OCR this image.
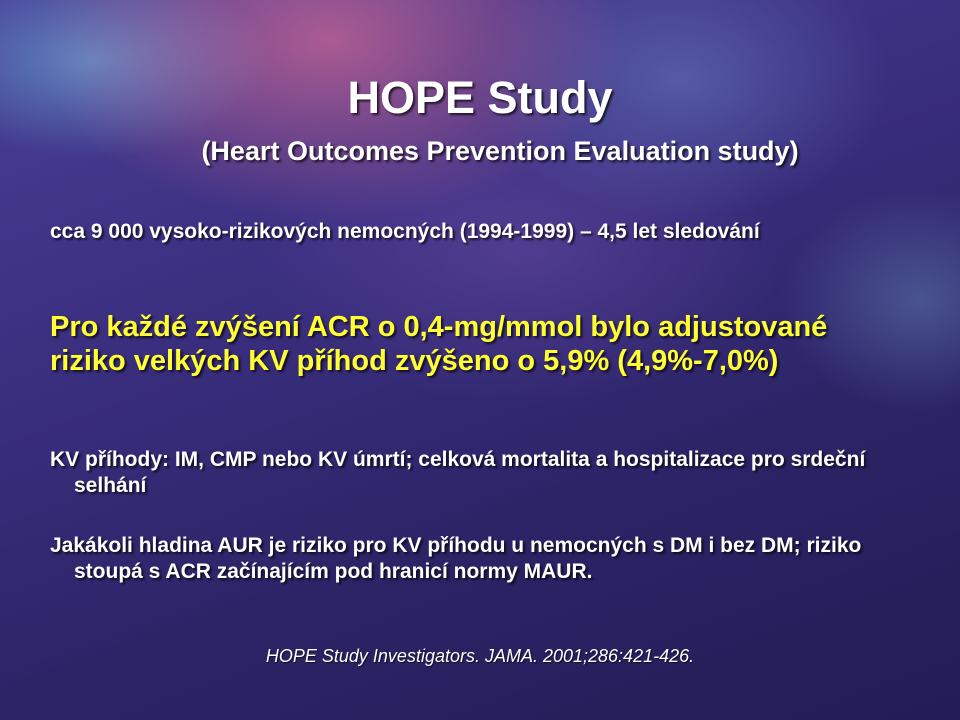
HOPE Study
(Heart Outcomes Prevention Evaluation study)

cca 9 000 vysoko-rizikových nemocných (1994-1999) – 4,5 let sledování

Pro každé zvýšení ACR o 0,4-mg/mmol bylo adjustované riziko velkých KV příhod zvýšeno o 5,9% (4,9%-7,0%)

KV příhody: IM, CMP nebo KV úmrtí; celková mortalita a hospitalizace pro srdeční selhání

Jakákoli hladina AUR je riziko pro KV příhodu u nemocných s DM i bez DM; riziko stoupá s ACR začínajícím pod hranicí normy MAUR.

HOPE Study Investigators. JAMA. 2001;286:421-426.
